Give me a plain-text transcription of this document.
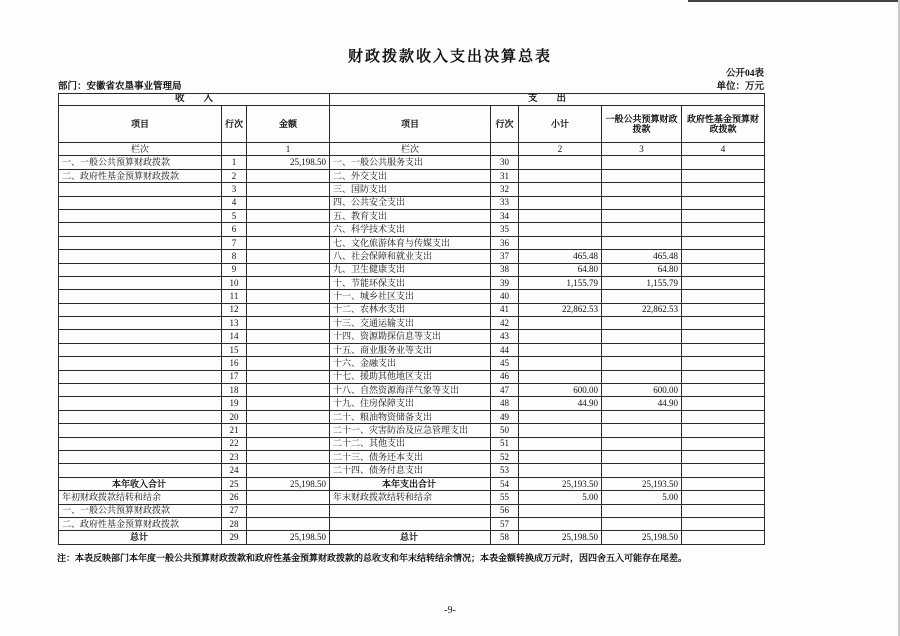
财政拨款收入支出决算总表
公开04表
单位：万元
部门：安徽省农垦事业管理局
收　　入			支　　出				
项目	行次	金额	项目	行次	小计	一般公共预算财政拨款	政府性基金预算财政拨款
栏次		1	栏次		2	3	4
一、一般公共预算财政拨款	1	25,198.50	一、一般公共服务支出	30			
二、政府性基金预算财政拨款	2		二、外交支出	31			
	3		三、国防支出	32			
	4		四、公共安全支出	33			
	5		五、教育支出	34			
	6		六、科学技术支出	35			
	7		七、文化旅游体育与传媒支出	36			
	8		八、社会保障和就业支出	37	465.48	465.48	
	9		九、卫生健康支出	38	64.80	64.80	
	10		十、节能环保支出	39	1,155.79	1,155.79	
	11		十一、城乡社区支出	40			
	12		十二、农林水支出	41	22,862.53	22,862.53	
	13		十三、交通运输支出	42			
	14		十四、资源勘探信息等支出	43			
	15		十五、商业服务业等支出	44			
	16		十六、金融支出	45			
	17		十七、援助其他地区支出	46			
	18		十八、自然资源海洋气象等支出	47	600.00	600.00	
	19		十九、住房保障支出	48	44.90	44.90	
	20		二十、粮油物资储备支出	49			
	21		二十一、灾害防治及应急管理支出	50			
	22		二十二、其他支出	51			
	23		二十三、债务还本支出	52			
	24		二十四、债务付息支出	53			
本年收入合计	25	25,198.50	本年支出合计	54	25,193.50	25,193.50	
年初财政拨款结转和结余	26		年末财政拨款结转和结余	55	5.00	5.00	
一、一般公共预算财政拨款	27			56			
二、政府性基金预算财政拨款	28			57			
总计	29	25,198.50	总计	58	25,198.50	25,198.50	
注：本表反映部门本年度一般公共预算财政拨款和政府性基金预算财政拨款的总收支和年末结转结余情况；本表金额转换成万元时，因四舍五入可能存在尾差。
-9-
